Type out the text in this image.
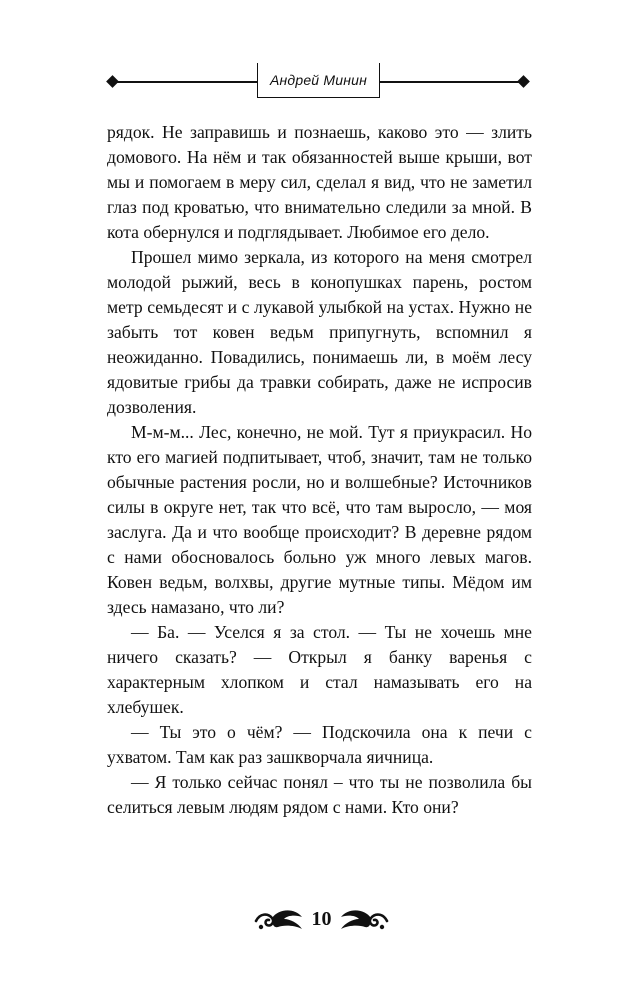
Андрей Минин

рядок. Не заправишь и познаешь, каково это — злить домового. На нём и так обязанностей выше крыши, вот мы и помогаем в меру сил, сделал я вид, что не заметил глаз под кроватью, что внимательно следили за мной. В кота обернулся и подглядывает. Любимое его дело.

Прошел мимо зеркала, из которого на меня смотрел молодой рыжий, весь в конопушках парень, ростом метр семьдесят и с лукавой улыбкой на устах. Нужно не забыть тот ковен ведьм припугнуть, вспомнил я неожиданно. Повадились, понимаешь ли, в моём лесу ядовитые грибы да травки собирать, даже не испросив дозволения.

М-м-м... Лес, конечно, не мой. Тут я приукрасил. Но кто его магией подпитывает, чтоб, значит, там не только обычные растения росли, но и волшебные? Источников силы в округе нет, так что всё, что там выросло, — моя заслуга. Да и что вообще происходит? В деревне рядом с нами обосновалось больно уж много левых магов. Ковен ведьм, волхвы, другие мутные типы. Мёдом им здесь намазано, что ли?

— Ба. — Уселся я за стол. — Ты не хочешь мне ничего сказать? — Открыл я банку варенья с характерным хлопком и стал намазывать его на хлебушек.

— Ты это о чём? — Подскочила она к печи с ухватом. Там как раз зашкворчала яичница.

— Я только сейчас понял – что ты не позволила бы селиться левым людям рядом с нами. Кто они?

10
